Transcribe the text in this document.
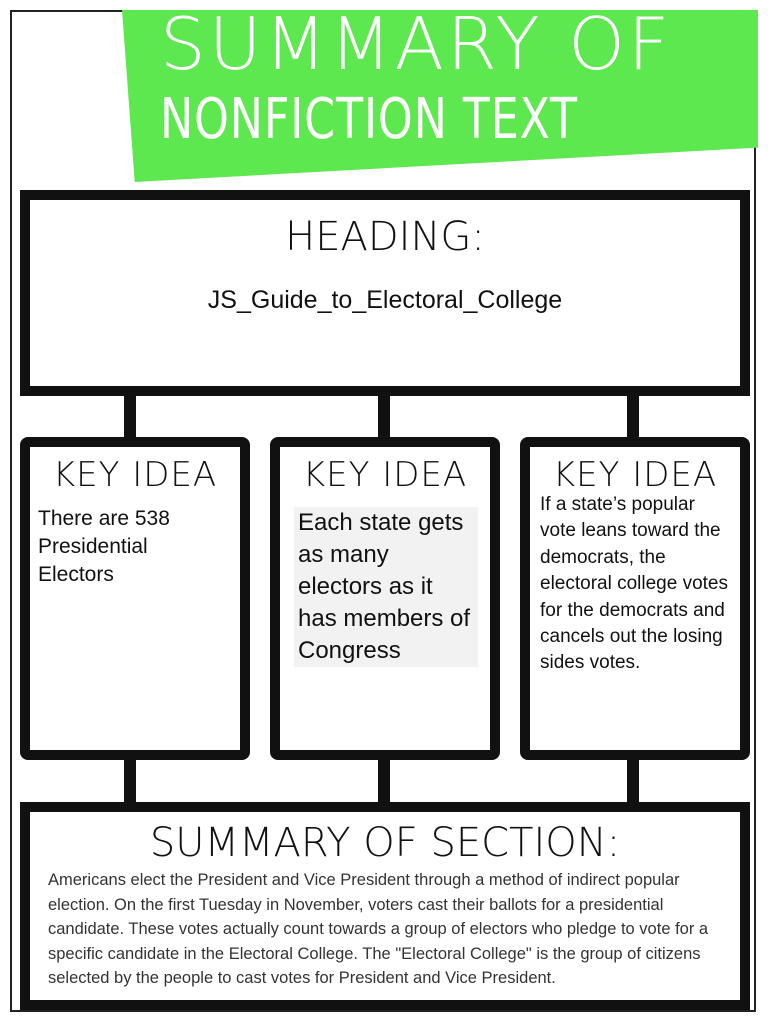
SUMMARY OF
NONFICTION TEXT
HEADING:
JS_Guide_to_Electoral_College
KEY IDEA
There are 538 Presidential Electors
KEY IDEA
Each state gets as many electors as it has members of Congress
KEY IDEA
If a state’s popular vote leans toward the democrats, the electoral college votes for the democrats and cancels out the losing sides votes.
SUMMARY OF SECTION:
Americans elect the President and Vice President through a method of indirect popular election. On the first Tuesday in November, voters cast their ballots for a presidential candidate. These votes actually count towards a group of electors who pledge to vote for a specific candidate in the Electoral College. The "Electoral College" is the group of citizens selected by the people to cast votes for President and Vice President.
